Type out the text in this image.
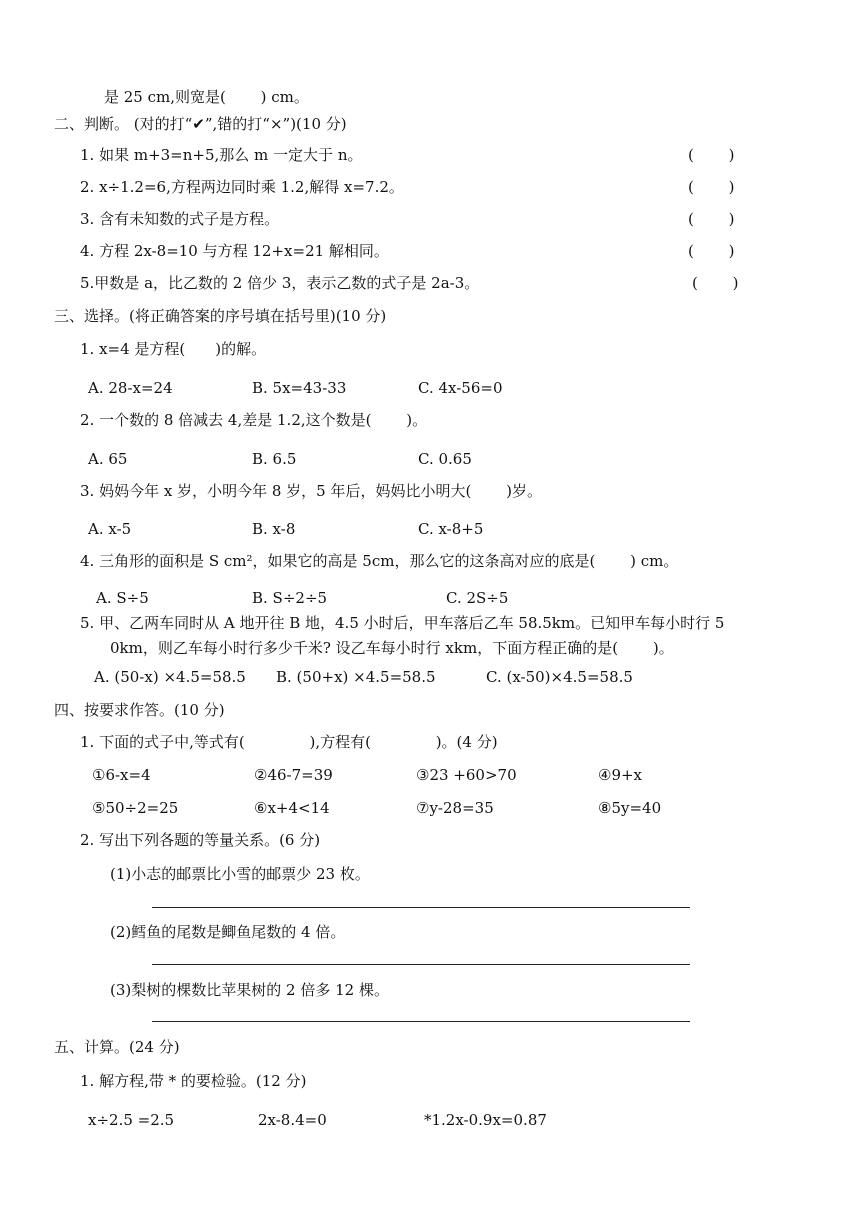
是 25 cm,则宽是(　　 ) cm。
二、判断。 (对的打“✔”,错的打“×”)(10 分)
1. 如果 m+3=n+5,那么 m 一定大于 n。	(　　 )
2. x÷1.2=6,方程两边同时乘 1.2,解得 x=7.2。	(　　 )
3. 含有未知数的式子是方程。	(　　 )
4. 方程 2x-8=10 与方程 12+x=21 解相同。	(　　 )
5.甲数是 a，比乙数的 2 倍少 3，表示乙数的式子是 2a-3。	(　　 )
三、选择。(将正确答案的序号填在括号里)(10 分)
1. x=4 是方程(　　)的解。
A. 28-x=24	B. 5x=43-33	C. 4x-56=0
2. 一个数的 8 倍减去 4,差是 1.2,这个数是(　　 )。
A. 65	B. 6.5	C. 0.65
3. 妈妈今年 x 岁，小明今年 8 岁，5 年后，妈妈比小明大(　　 )岁。
A. x-5	B. x-8	C. x-8+5
4. 三角形的面积是 S cm²，如果它的高是 5cm，那么它的这条高对应的底是(　　 ) cm。
A. S÷5	B. S÷2÷5	C. 2S÷5
5. 甲、乙两车同时从 A 地开往 B 地，4.5 小时后，甲车落后乙车 58.5km。已知甲车每小时行 5
0km，则乙车每小时行多少千米? 设乙车每小时行 xkm，下面方程正确的是(　　 )。
A. (50-x) ×4.5=58.5 B. (50+x) ×4.5=58.5	C. (x-50)×4.5=58.5
四、按要求作答。(10 分)
1. 下面的式子中,等式有(　　　　 ),方程有(　　　　 )。(4 分)
①6-x=4	②46-7=39	③23 +60>70	④9+x
⑤50÷2=25	⑥x+4<14	⑦y-28=35	⑧5y=40
2. 写出下列各题的等量关系。(6 分)
(1)小志的邮票比小雪的邮票少 23 枚。
(2)鳕鱼的尾数是鲫鱼尾数的 4 倍。
(3)梨树的棵数比苹果树的 2 倍多 12 棵。
五、计算。(24 分)
1. 解方程,带 * 的要检验。(12 分)
x÷2.5 =2.5	2x-8.4=0	*1.2x-0.9x=0.87
